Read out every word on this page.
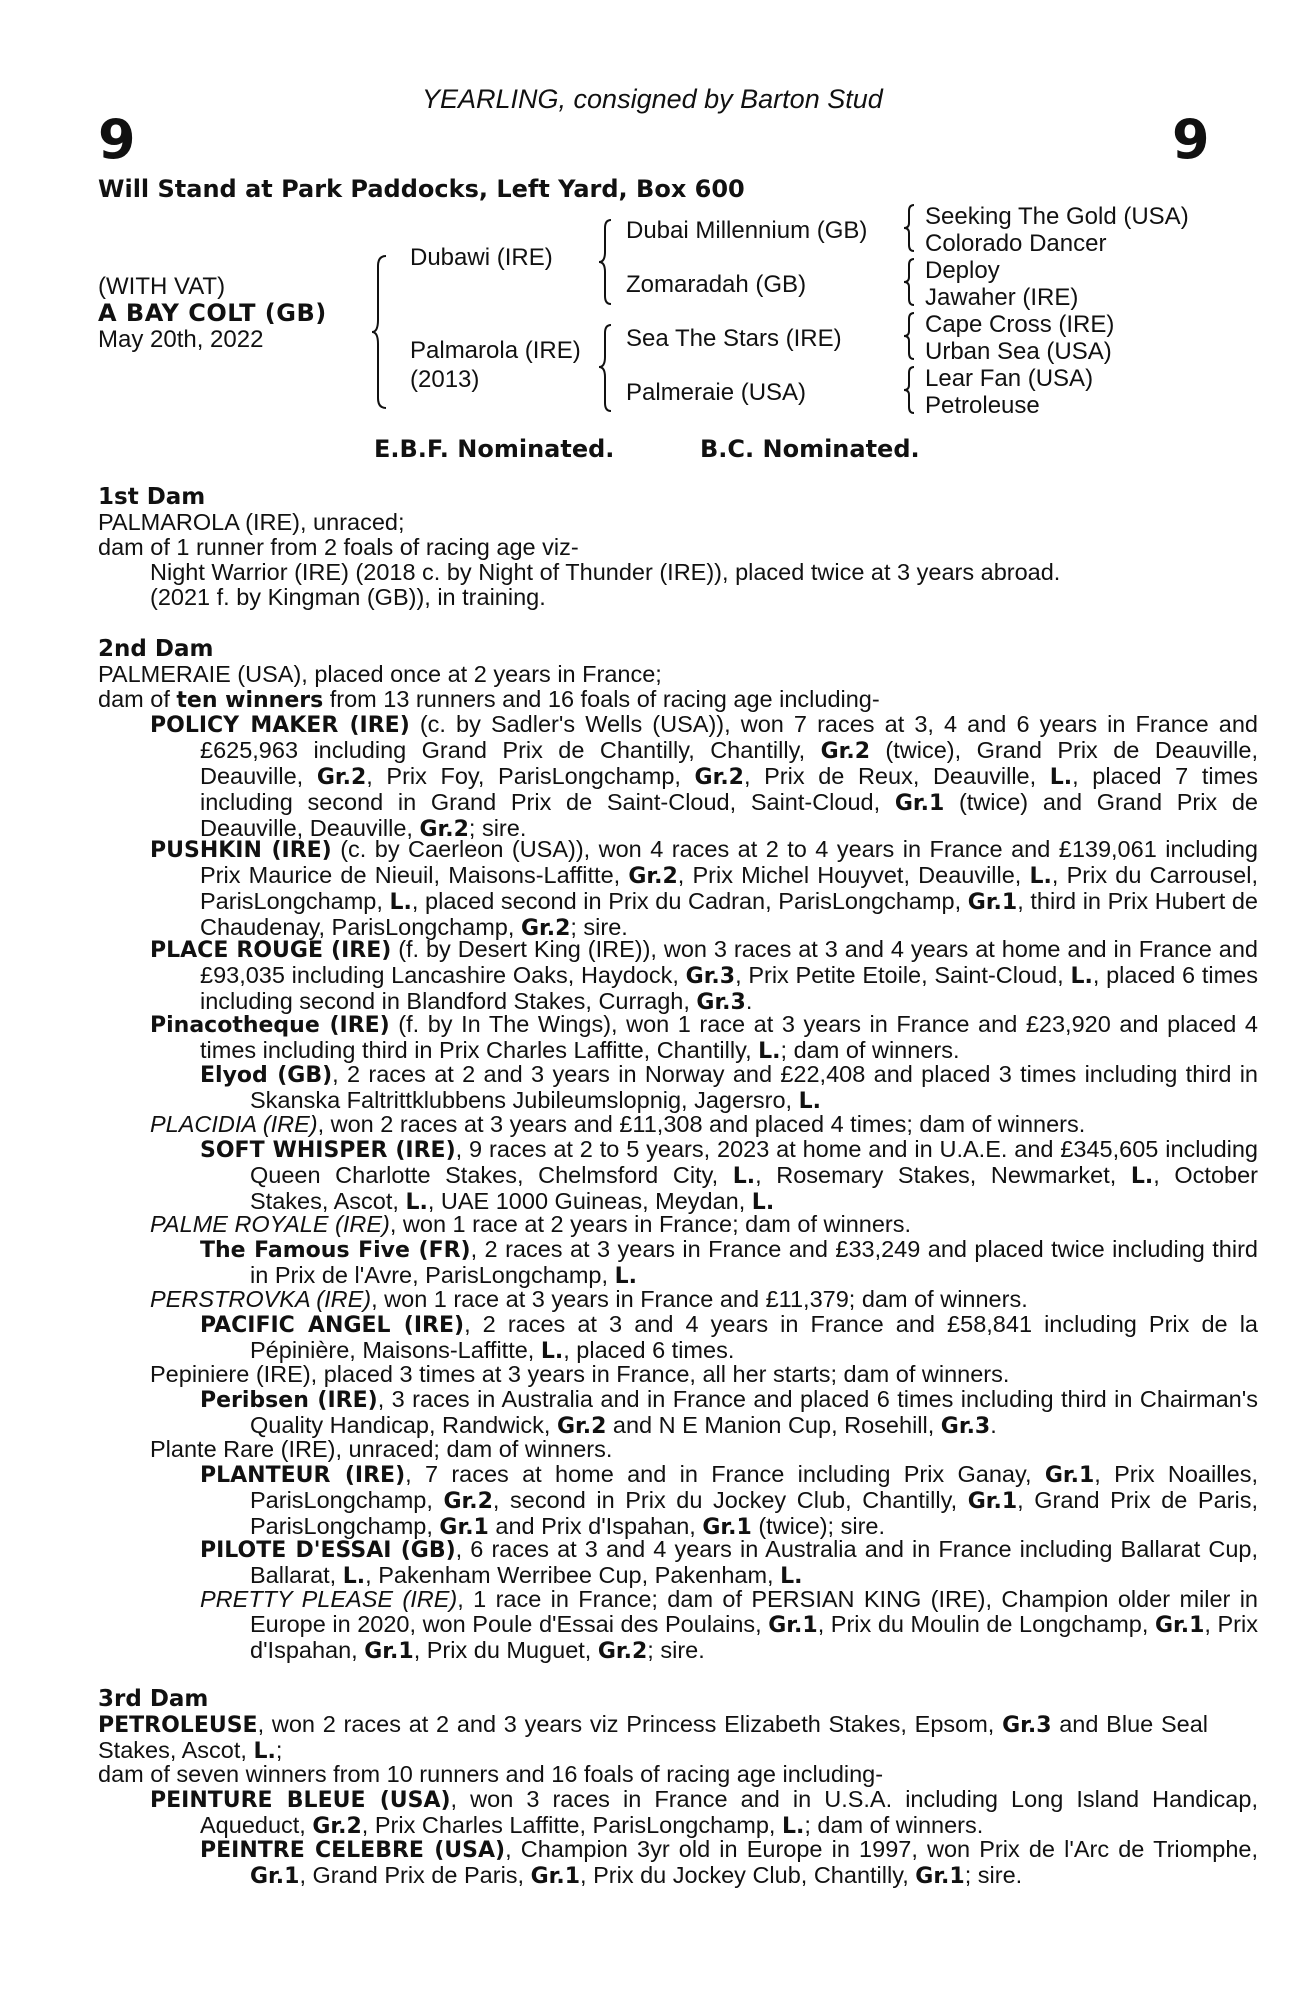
YEARLING, consigned by Barton Stud
9	9
Will Stand at Park Paddocks, Left Yard, Box 600
(WITH VAT)
A BAY COLT (GB)
May 20th, 2022
Dubawi (IRE)
Palmarola (IRE)
(2013)
Dubai Millennium (GB)
Zomaradah (GB)
Sea The Stars (IRE)
Palmeraie (USA)
Seeking The Gold (USA)
Colorado Dancer
Deploy
Jawaher (IRE)
Cape Cross (IRE)
Urban Sea (USA)
Lear Fan (USA)
Petroleuse
E.B.F. Nominated.	B.C. Nominated.
1st Dam
PALMAROLA (IRE), unraced;
dam of 1 runner from 2 foals of racing age viz-
Night Warrior (IRE) (2018 c. by Night of Thunder (IRE)), placed twice at 3 years abroad.
(2021 f. by Kingman (GB)), in training.
2nd Dam
PALMERAIE (USA), placed once at 2 years in France;
dam of ten winners from 13 runners and 16 foals of racing age including-
POLICY MAKER (IRE) (c. by Sadler's Wells (USA)), won 7 races at 3, 4 and 6 years in France and £625,963 including Grand Prix de Chantilly, Chantilly, Gr.2 (twice), Grand Prix de Deauville, Deauville, Gr.2, Prix Foy, ParisLongchamp, Gr.2, Prix de Reux, Deauville, L., placed 7 times including second in Grand Prix de Saint-Cloud, Saint-Cloud, Gr.1 (twice) and Grand Prix de Deauville, Deauville, Gr.2; sire.
PUSHKIN (IRE) (c. by Caerleon (USA)), won 4 races at 2 to 4 years in France and £139,061 including Prix Maurice de Nieuil, Maisons-Laffitte, Gr.2, Prix Michel Houyvet, Deauville, L., Prix du Carrousel, ParisLongchamp, L., placed second in Prix du Cadran, ParisLongchamp, Gr.1, third in Prix Hubert de Chaudenay, ParisLongchamp, Gr.2; sire.
PLACE ROUGE (IRE) (f. by Desert King (IRE)), won 3 races at 3 and 4 years at home and in France and £93,035 including Lancashire Oaks, Haydock, Gr.3, Prix Petite Etoile, Saint-Cloud, L., placed 6 times including second in Blandford Stakes, Curragh, Gr.3.
Pinacotheque (IRE) (f. by In The Wings), won 1 race at 3 years in France and £23,920 and placed 4 times including third in Prix Charles Laffitte, Chantilly, L.; dam of winners.
Elyod (GB), 2 races at 2 and 3 years in Norway and £22,408 and placed 3 times including third in Skanska Faltrittklubbens Jubileumslopnig, Jagersro, L.
PLACIDIA (IRE), won 2 races at 3 years and £11,308 and placed 4 times; dam of winners.
SOFT WHISPER (IRE), 9 races at 2 to 5 years, 2023 at home and in U.A.E. and £345,605 including Queen Charlotte Stakes, Chelmsford City, L., Rosemary Stakes, Newmarket, L., October Stakes, Ascot, L., UAE 1000 Guineas, Meydan, L.
PALME ROYALE (IRE), won 1 race at 2 years in France; dam of winners.
The Famous Five (FR), 2 races at 3 years in France and £33,249 and placed twice including third in Prix de l'Avre, ParisLongchamp, L.
PERSTROVKA (IRE), won 1 race at 3 years in France and £11,379; dam of winners.
PACIFIC ANGEL (IRE), 2 races at 3 and 4 years in France and £58,841 including Prix de la Pépinière, Maisons-Laffitte, L., placed 6 times.
Pepiniere (IRE), placed 3 times at 3 years in France, all her starts; dam of winners.
Peribsen (IRE), 3 races in Australia and in France and placed 6 times including third in Chairman's Quality Handicap, Randwick, Gr.2 and N E Manion Cup, Rosehill, Gr.3.
Plante Rare (IRE), unraced; dam of winners.
PLANTEUR (IRE), 7 races at home and in France including Prix Ganay, Gr.1, Prix Noailles, ParisLongchamp, Gr.2, second in Prix du Jockey Club, Chantilly, Gr.1, Grand Prix de Paris, ParisLongchamp, Gr.1 and Prix d'Ispahan, Gr.1 (twice); sire.
PILOTE D'ESSAI (GB), 6 races at 3 and 4 years in Australia and in France including Ballarat Cup, Ballarat, L., Pakenham Werribee Cup, Pakenham, L.
PRETTY PLEASE (IRE), 1 race in France; dam of PERSIAN KING (IRE), Champion older miler in Europe in 2020, won Poule d'Essai des Poulains, Gr.1, Prix du Moulin de Longchamp, Gr.1, Prix d'Ispahan, Gr.1, Prix du Muguet, Gr.2; sire.
3rd Dam
PETROLEUSE, won 2 races at 2 and 3 years viz Princess Elizabeth Stakes, Epsom, Gr.3 and Blue Seal Stakes, Ascot, L.;
dam of seven winners from 10 runners and 16 foals of racing age including-
PEINTURE BLEUE (USA), won 3 races in France and in U.S.A. including Long Island Handicap, Aqueduct, Gr.2, Prix Charles Laffitte, ParisLongchamp, L.; dam of winners.
PEINTRE CELEBRE (USA), Champion 3yr old in Europe in 1997, won Prix de l'Arc de Triomphe, Gr.1, Grand Prix de Paris, Gr.1, Prix du Jockey Club, Chantilly, Gr.1; sire.
